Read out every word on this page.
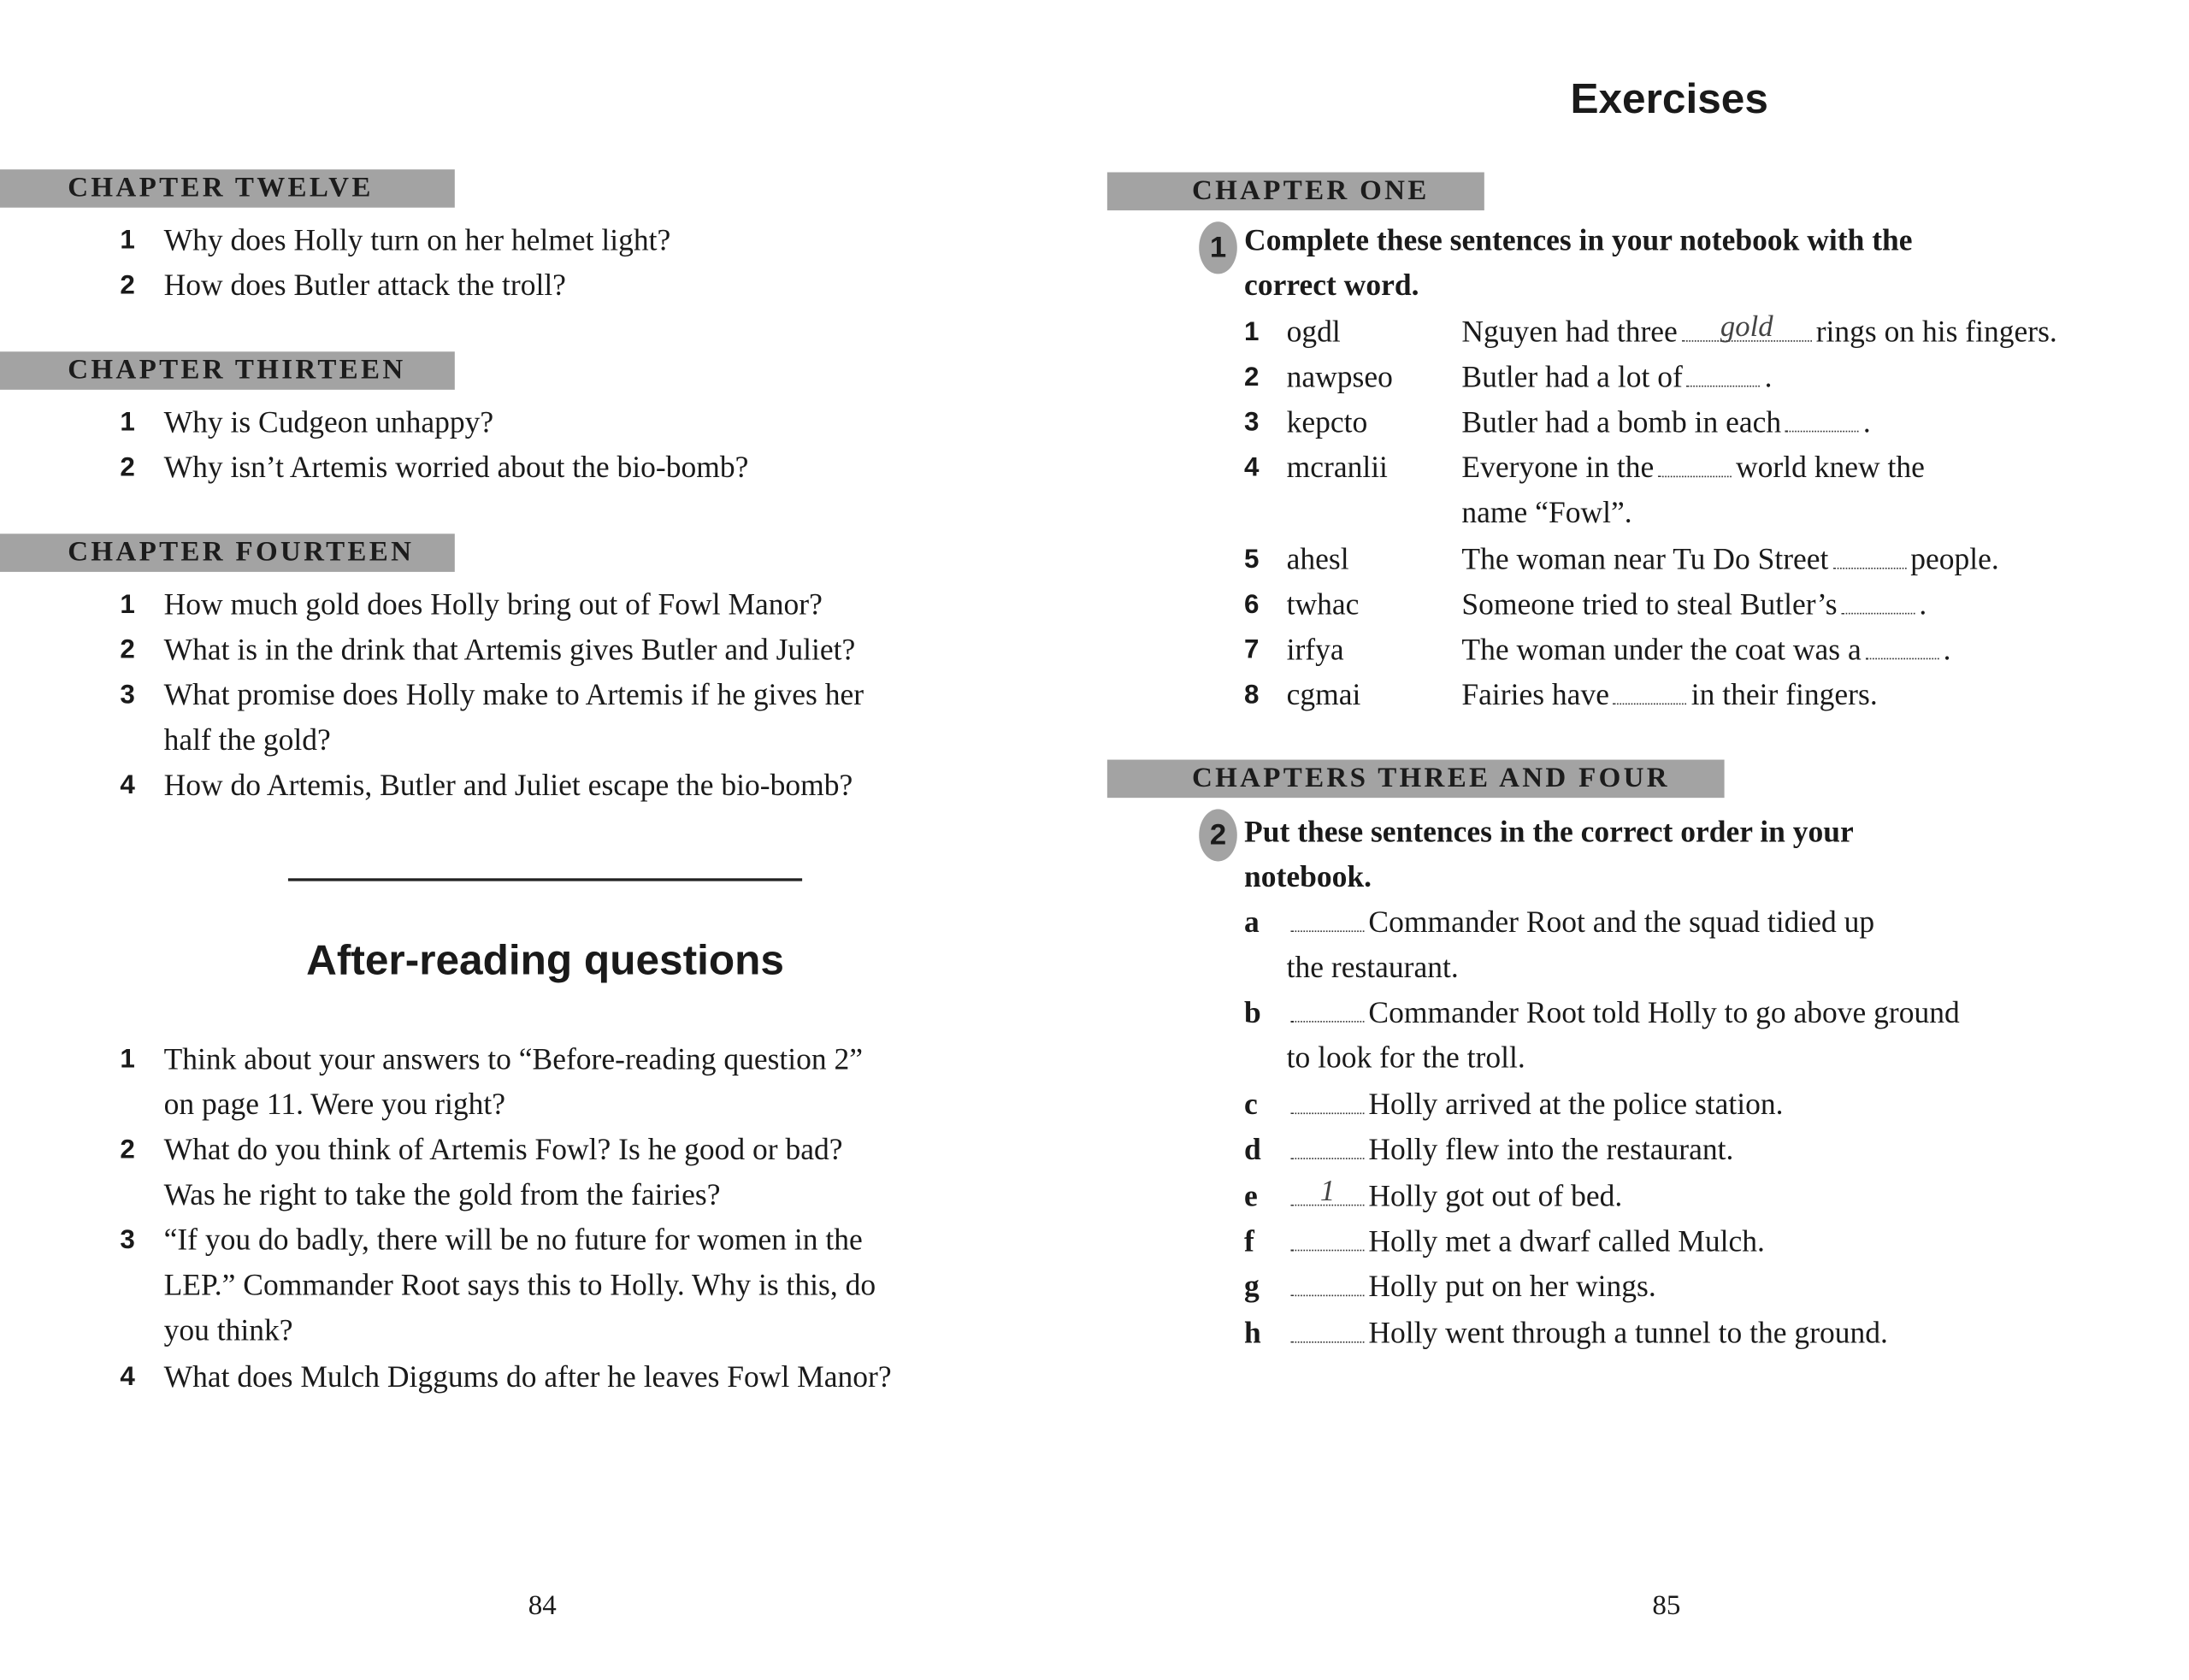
CHAPTER TWELVE
1 Why does Holly turn on her helmet light?
2 How does Butler attack the troll?
CHAPTER THIRTEEN
1 Why is Cudgeon unhappy?
2 Why isn’t Artemis worried about the bio-bomb?
CHAPTER FOURTEEN
1 How much gold does Holly bring out of Fowl Manor?
2 What is in the drink that Artemis gives Butler and Juliet?
3 What promise does Holly make to Artemis if he gives her
half the gold?
4 How do Artemis, Butler and Juliet escape the bio-bomb?
After-reading questions
1 Think about your answers to “Before-reading question 2”
on page 11. Were you right?
2 What do you think of Artemis Fowl? Is he good or bad?
Was he right to take the gold from the fairies?
3 “If you do badly, there will be no future for women in the
LEP.” Commander Root says this to Holly. Why is this, do
you think?
4 What does Mulch Diggums do after he leaves Fowl Manor?
84
Exercises
CHAPTER ONE
1 Complete these sentences in your notebook with the
correct word.
1 ogdl	Nguyen had three	gold	rings on his fingers.
2 nawpseo	Butler had a lot of	.
3 kepcto	Butler had a bomb in each	.
4 mcranlii	Everyone in the	world knew the
name “Fowl”.
5 ahesl	The woman near Tu Do Street	people.
6 twhac	Someone tried to steal Butler’s	.
7 irfya	The woman under the coat was a	.
8 cgmai	Fairies have	in their fingers.
CHAPTERS THREE AND FOUR
2 Put these sentences in the correct order in your
notebook.
a	Commander Root and the squad tidied up
the restaurant.
b	Commander Root told Holly to go above ground
to look for the troll.
c	Holly arrived at the police station.
d	Holly flew into the restaurant.
e	1	Holly got out of bed.
f	Holly met a dwarf called Mulch.
g	Holly put on her wings.
h	Holly went through a tunnel to the ground.
85
